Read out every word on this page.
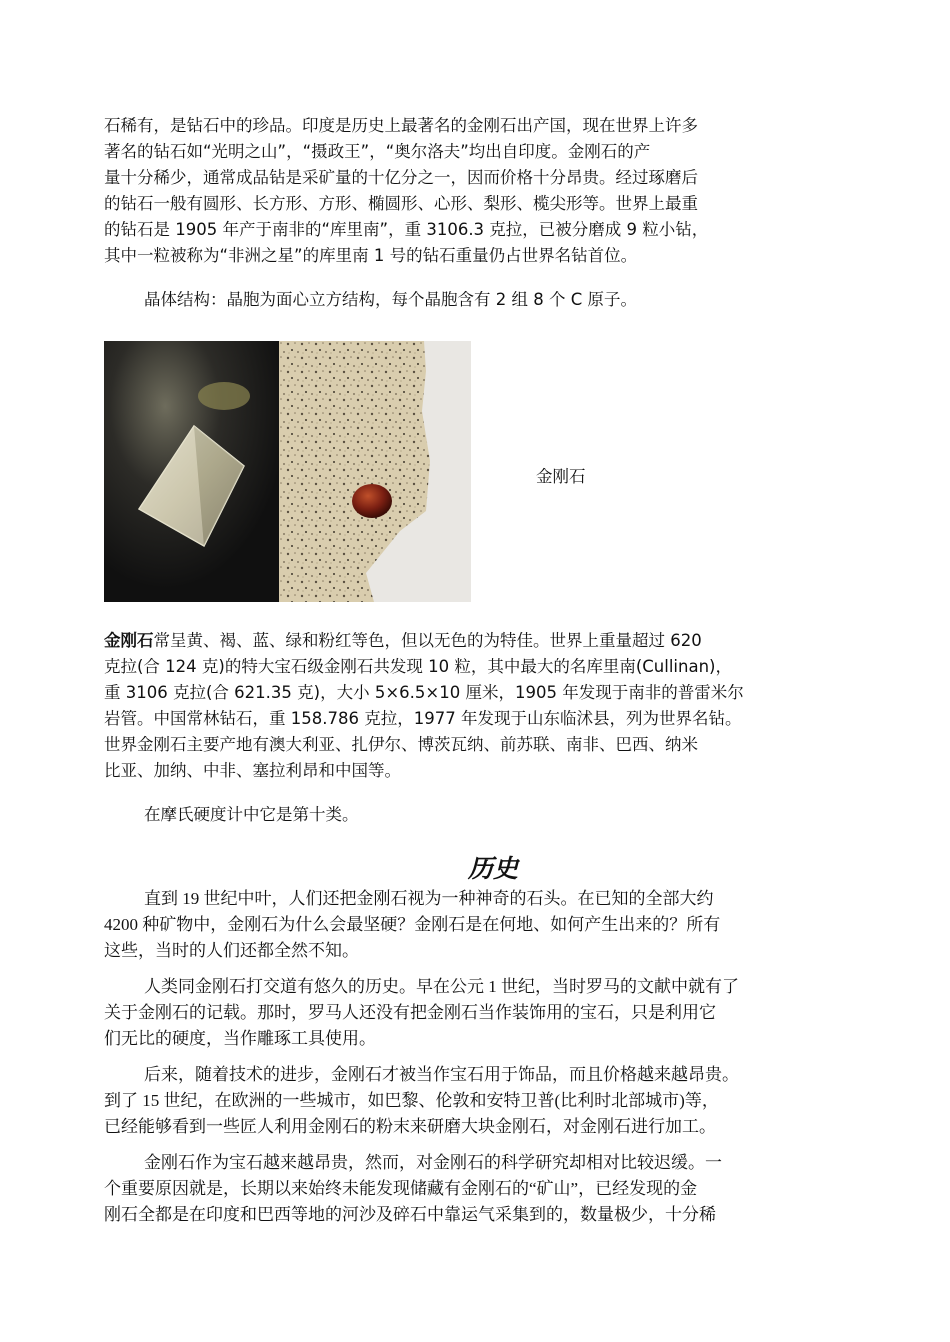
石稀有，是钻石中的珍品。印度是历史上最著名的金刚石出产国，现在世界上许多
著名的钻石如“光明之山”，“摄政王”，“奥尔洛夫”均出自印度。金刚石的产
量十分稀少，通常成品钻是采矿量的十亿分之一，因而价格十分昂贵。经过琢磨后
的钻石一般有圆形、长方形、方形、椭圆形、心形、梨形、榄尖形等。世界上最重
的钻石是 1905 年产于南非的“库里南”，重 3106.3 克拉，已被分磨成 9 粒小钻，
其中一粒被称为“非洲之星”的库里南 1 号的钻石重量仍占世界名钻首位。
晶体结构：晶胞为面心立方结构，每个晶胞含有 2 组 8 个 C 原子。
金刚石
金刚石常呈黄、褐、蓝、绿和粉红等色，但以无色的为特佳。世界上重量超过 620
克拉(合 124 克)的特大宝石级金刚石共发现 10 粒，其中最大的名库里南(Cullinan)，
重 3106 克拉(合 621.35 克)，大小 5×6.5×10 厘米，1905 年发现于南非的普雷米尔
岩管。中国常林钻石，重 158.786 克拉，1977 年发现于山东临沭县，列为世界名钻。
世界金刚石主要产地有澳大利亚、扎伊尔、博茨瓦纳、前苏联、南非、巴西、纳米
比亚、加纳、中非、塞拉利昂和中国等。
在摩氏硬度计中它是第十类。
历史
直到 19 世纪中叶，人们还把金刚石视为一种神奇的石头。在已知的全部大约
4200 种矿物中，金刚石为什么会最坚硬？金刚石是在何地、如何产生出来的？所有
这些，当时的人们还都全然不知。
人类同金刚石打交道有悠久的历史。早在公元 1 世纪，当时罗马的文献中就有了
关于金刚石的记载。那时，罗马人还没有把金刚石当作装饰用的宝石，只是利用它
们无比的硬度，当作雕琢工具使用。
后来，随着技术的进步，金刚石才被当作宝石用于饰品，而且价格越来越昂贵。
到了 15 世纪，在欧洲的一些城市，如巴黎、伦敦和安特卫普(比利时北部城市)等，
已经能够看到一些匠人利用金刚石的粉末来研磨大块金刚石，对金刚石进行加工。
金刚石作为宝石越来越昂贵，然而，对金刚石的科学研究却相对比较迟缓。一
个重要原因就是，长期以来始终未能发现储藏有金刚石的“矿山”，已经发现的金
刚石全都是在印度和巴西等地的河沙及碎石中靠运气采集到的，数量极少，十分稀
